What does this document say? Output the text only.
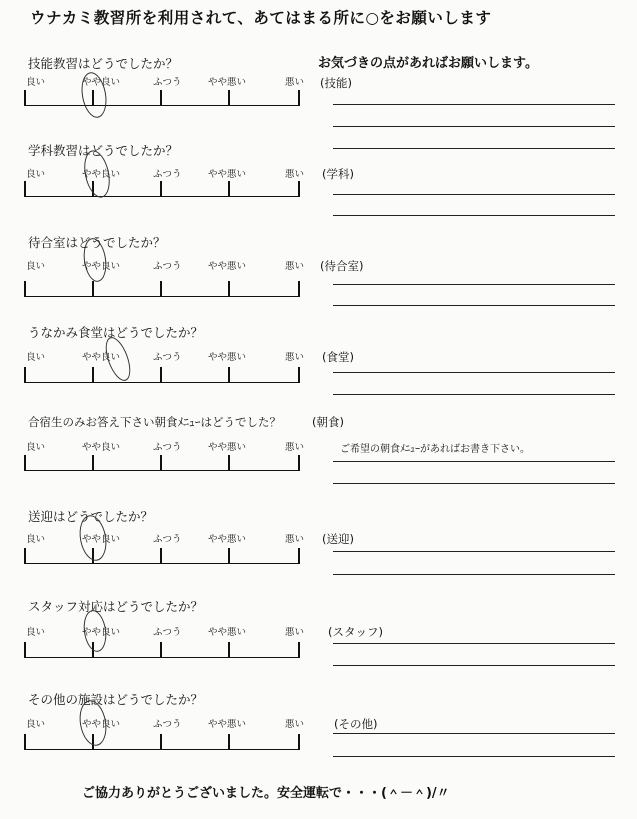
ウナカミ教習所を利用されて、あてはまる所に○をお願いします
お気づきの点があればお願いします。
技能教習はどうでしたか？
良い	やや良い	ふつう	やや悪い	悪い (技能)
学科教習はどうでしたか？
良い	やや良い	ふつう	やや悪い	悪い (学科)
待合室はどうでしたか？
良い	やや良い	ふつう	やや悪い	悪い (待合室)
うなかみ食堂はどうでしたか？
良い	やや良い	ふつう	やや悪い	悪い (食堂)
合宿生のみお答え下さい朝食ﾒﾆｭｰはどうでした？	(朝食)
良い	やや良い	ふつう	やや悪い	悪い	ご希望の朝食ﾒﾆｭｰがあればお書き下さい。
送迎はどうでしたか？
良い	やや良い	ふつう	やや悪い	悪い (送迎)
スタッフ対応はどうでしたか？
良い	やや良い	ふつう	やや悪い	悪い (スタッフ)
その他の施設はどうでしたか？
良い	やや良い	ふつう	やや悪い	悪い	(その他)
ご協力ありがとうございました。安全運転で・・・(＾－＾)/〃
